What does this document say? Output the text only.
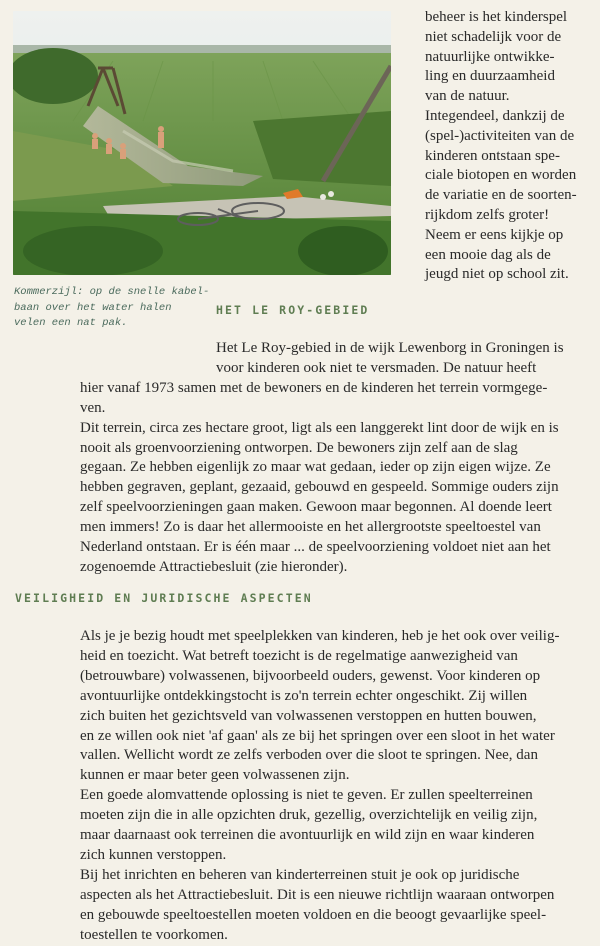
beheer is het kinderspel
niet schadelijk voor de
natuurlijke ontwikke-
ling en duurzaamheid
van de natuur.
Integendeel, dankzij de
(spel-)activiteiten van de
kinderen ontstaan spe-
ciale biotopen en worden
de variatie en de soorten-
rijkdom zelfs groter!
Neem er eens kijkje op
een mooie dag als de
jeugd niet op school zit.

Kommerzijl: op de snelle kabel-
baan over het water halen
velen een nat pak.
HET LE ROY-GEBIED
Het Le Roy-gebied in de wijk Lewenborg in Groningen is
voor kinderen ook niet te versmaden. De natuur heeft
hier vanaf 1973 samen met de bewoners en de kinderen het terrein vormgege-
ven.
Dit terrein, circa zes hectare groot, ligt als een langgerekt lint door de wijk en is
nooit als groenvoorziening ontworpen. De bewoners zijn zelf aan de slag
gegaan. Ze hebben eigenlijk zo maar wat gedaan, ieder op zijn eigen wijze. Ze
hebben gegraven, geplant, gezaaid, gebouwd en gespeeld. Sommige ouders zijn
zelf speelvoorzieningen gaan maken. Gewoon maar begonnen. Al doende leert
men immers! Zo is daar het allermooiste en het allergrootste speeltoestel van
Nederland ontstaan. Er is één maar ... de speelvoorziening voldoet niet aan het
zogenoemde Attractiebesluit (zie hieronder).
VEILIGHEID EN JURIDISCHE ASPECTEN
Als je je bezig houdt met speelplekken van kinderen, heb je het ook over veilig-
heid en toezicht. Wat betreft toezicht is de regelmatige aanwezigheid van
(betrouwbare) volwassenen, bijvoorbeeld ouders, gewenst. Voor kinderen op
avontuurlijke ontdekkingstocht is zo'n terrein echter ongeschikt. Zij willen
zich buiten het gezichtsveld van volwassenen verstoppen en hutten bouwen,
en ze willen ook niet 'af gaan' als ze bij het springen over een sloot in het water
vallen. Wellicht wordt ze zelfs verboden over die sloot te springen. Nee, dan
kunnen er maar beter geen volwassenen zijn.
Een goede alomvattende oplossing is niet te geven. Er zullen speelterreinen
moeten zijn die in alle opzichten druk, gezellig, overzichtelijk en veilig zijn,
maar daarnaast ook terreinen die avontuurlijk en wild zijn en waar kinderen
zich kunnen verstoppen.
Bij het inrichten en beheren van kinderterreinen stuit je ook op juridische
aspecten als het Attractiebesluit. Dit is een nieuwe richtlijn waaraan ontworpen
en gebouwde speeltoestellen moeten voldoen en die beoogt gevaarlijke speel-
toestellen te voorkomen.
